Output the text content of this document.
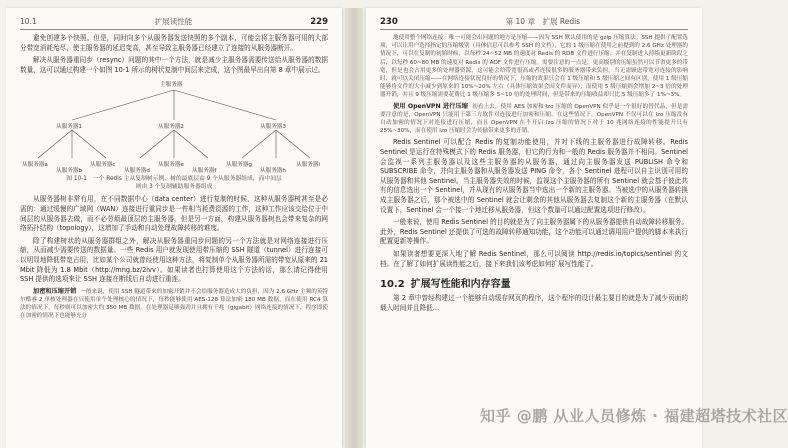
10.1	扩展读性能	229

避免创建多个快照。但是，同时向多个从服务器发送快照的多个副本，可能会将主服务器可用的大部分带宽消耗殆尽，使主服务器的延迟变高，甚至导致主服务器已经建立了连接的从服务器断开。

解决从服务器重同步（resync）问题的其中一个方法，就是减少主服务器需要传送给从服务器的数据数量，这可以通过构建一个如图 10-1 所示的树状复制中间层来完成，这个图最早出自第 8 章中展示过。

主服务器
从服务器1	从服务器2	从服务器3
从服务器a
从服务器b
从服务器c
从服务器d
从服务器e
从服务器f
从服务器g
从服务器h
从服务器i
图 10-1　一个 Redis 主从复制树示例，树的最底层由 9 个从服务器组成，而中间层
则由 3 个复制辅助服务器组成

从服务器树非常有用，在不同数据中心（data center）进行复制的时候，这种从服务器树甚至是必需的：通过缓慢的广域网（WAN）连接进行重同步是一件相当耗费资源的工作，这种工作应该交给位于中间层的从服务器去做，而不必劳烦最顶层的主服务器，但是另一方面，构建从服务器树也会带来复杂的网络拓扑结构（topology），这增加了手动和自动处理故障转移的难度。

除了构建树状的从服务器群组之外，解决从服务器重同步问题的另一个方法就是对网络连接进行压缩，从而减少需要传送的数据量。一些 Redis 用户就发现使用带压缩的 SSH 隧道（tunnel）进行连接可以明显地降低带宽占用，比如某个公司就曾经使用这种方法，将复制单个从服务器所需的带宽从原来的 21 Mbit 降低为 1.8 Mbit（http://mng.bz/2ivv）。如果读者也打算使用这个方法的话，那么请记得使用 SSH 提供的选项来让 SSH 连接在断线后自动进行重连。

加密和压缩开销 一般来说，使用 SSH 隧道带来的加密开销并不会给服务器造成大的负担，因为 2.6 GHz 主频的英特尔酷睿 2 单核处理器在只使用单个处理核心的情况下，每秒能够使用 AES-128 算法加密 180 MB 数据，而在使用 RC4 算法的情况下，每秒则可以加密大约 350 MB 数据。在处理器足够强劲并且拥有千兆（gigabit）网络连接的情况下，程序即使在加密的情况下也能够充分

230	第 10 章　 扩展 Redis

地使用整个网络连接。唯一可能会出问题的地方是压缩——因为 SSH 默认使用的是 gzip 压缩算法。SSH 提供了配置选项，可以让用户选择指定的压缩级别（具体信息可以参考 SSH 的文档），它的 1 级压缩在使用之前提到的 2.6 GHz 处理器的情况下，可以在复制的初始时候，以每秒 24~52 MB 的速度对 Redis 的 RDB 文件进行压缩；并在复制进入持续更新阶段之后，以每秒 60~80 MB 的速度对 Redis 的 AOF 文件进行压缩。需要注意的一点是，更高级别的压缩虽然可以节省更多的带宽，但是也会占用更多的处理器资源，这可能会给带宽很高或者连接很多的服务器带来负担。当无需顾虑带宽对连接的影响时，就可以关闭压缩——在网络连接状况良好的情况下，压缩的效果只会在 1 级压缩和 5 级压缩之间有区别，使用 1 级压缩能够将文件的大小减少到原来的 10%~20% 左右（具体压缩效果会因文件而异）；而使用 5 级压缩则会增加 2~3 倍的处理器开销，并且 9 级压缩需要花费比 1 级压缩多 5~10 倍的处理时间，但是带来的压缩收益却只比 5 级压缩多了 1%~3%。

使用 OpenVPN 进行压缩 初看上去，使用 AES 加密和 lzo 压缩的 OpenVPN 似乎是一个很好的替代品，但是需要注意的是，OpenVPN 只能用于第三方软件对连接进行加密和压缩。在这些情况下，OpenVPN 不仅可以在 lzo 压缩没有自动加密的情况下对连接进行压缩，而且 OpenVPN 在不开启 lzo 压缩的情况下对于 10 兆网络连接的性能提升只有 25%~30%，而在使用 lzo 压缩时会为传输带来更多的开销。

Redis Sentinel 可以配合 Redis 的复制功能使用，并对下线的主服务器进行故障转移。Redis Sentinel 是运行在特殊模式下的 Redis 服务器，但它的行为和一般的 Redis 服务器并不相同。Sentinel 会监视一系列主服务器以及这些主服务器的从服务器，通过向主服务器发送 PUBLISH 命令和 SUBSCRIBE 命令，并向主服务器和从服务器发送 PING 命令，各个 Sentinel 进程可以自主识别可用的从服务器和其他 Sentinel。当主服务器失效的时候，监视这个主服务器的所有 Sentinel 就会基于彼此共有的信息选出一个 Sentinel，并从现有的从服务器当中选出一个新的主服务器。当被选中的从服务器转换成主服务器之后，那个被选中的 Sentinel 就会让剩余的其他从服务器去复制这个新的主服务器（在默认设置下，Sentinel 会一个接一个地迁移从服务器，但这个数量可以通过配置选项进行修改）。

一般来说，使用 Redis Sentinel 的目的就是为了向主服务器属下的从服务器提供自动故障转移服务。此外，Redis Sentinel 还提供了可选的故障转移通知功能，这个功能可以通过调用用户提供的脚本来执行配置更新等操作。

如果读者想要更深入地了解 Redis Sentinel，那么可以阅读 http://redis.io/topics/sentinel 的文档。在了解了如何扩展读性能之后，接下来我们该考虑如何扩展写性能了。

10.2 扩展写性能和内存容量

第 2 章中曾经构建过一个能够自动缓存网页的程序，这个程序的设计最主要目的就是为了减少页面的载入时间并且降低...

知乎 @鹏 从业人员修炼 · 福建超塔技术社区
